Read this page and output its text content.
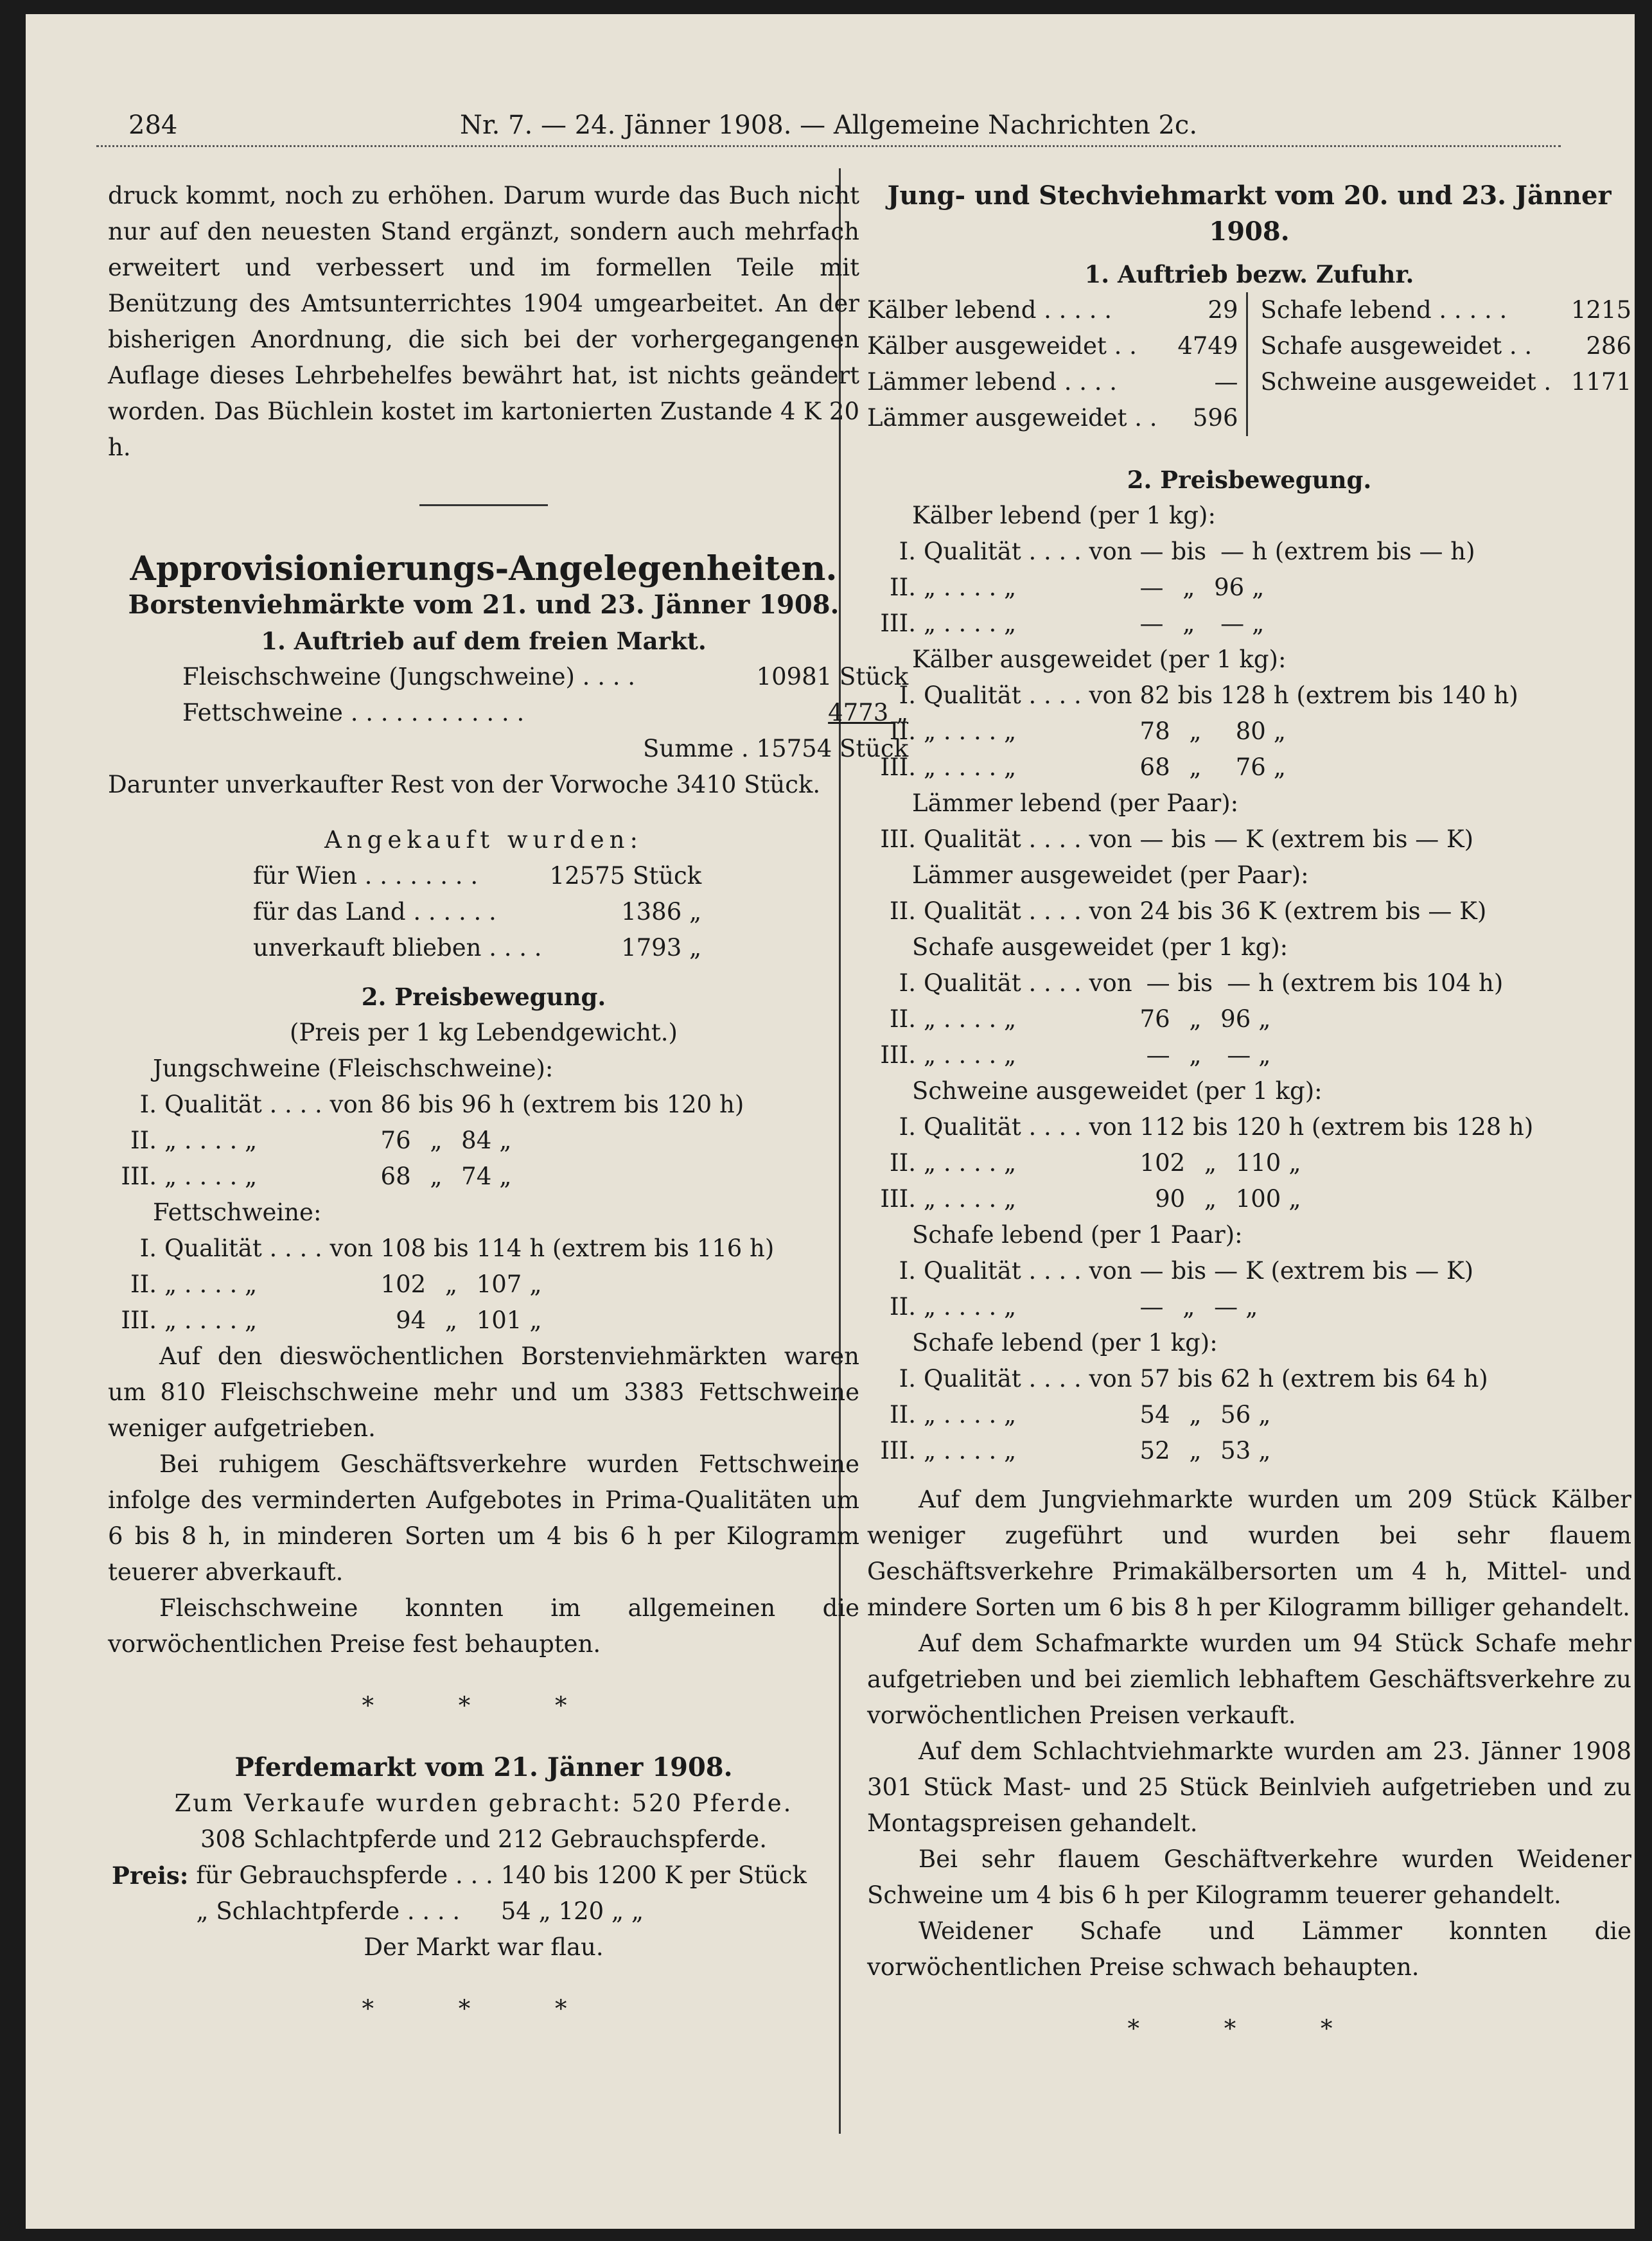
284	Nr. 7. — 24. Jänner 1908. — Allgemeine Nachrichten 2c.

druck kommt, noch zu erhöhen. Darum wurde das Buch nicht nur auf den neuesten Stand ergänzt, sondern auch mehrfach erweitert und verbessert und im formellen Teile mit Benützung des Amtsunterrichtes 1904 umgearbeitet. An der bisherigen Anordnung, die sich bei der vorhergegangenen Auflage dieses Lehrbehelfes bewährt hat, ist nichts geändert worden. Das Büchlein kostet im kartonierten Zustande 4 K 20 h.

Approvisionierungs-Angelegenheiten.
Borstenviehmärkte vom 21. und 23. Jänner 1908.
1. Auftrieb auf dem freien Markt.
Fleischschweine (Jungschweine) . . . .	10981 Stück
Fettschweine . . . . . . . . . . . .	4773 „
	Summe . 15754 Stück

Darunter unverkaufter Rest von der Vorwoche 3410 Stück.

Angekauft wurden:
für Wien . . . . . . . .	12575 Stück
für das Land . . . . . .	1386 „
unverkauft blieben . . . .	1793 „
2. Preisbewegung.
(Preis per 1 kg Lebendgewicht.)
Jungschweine (Fleischschweine):
I.	Qualität . . . . von	86	bis	96	h (extrem bis 120 h)
II.	„ . . . . „	76	„	84	„
III.	„ . . . . „	68	„	74	„
Fettschweine:
I.	Qualität . . . . von	108	bis	114	h (extrem bis 116 h)
II.	„ . . . . „	102	„	107	„
III.	„ . . . . „	94	„	101	„

Auf den dieswöchentlichen Borstenviehmärkten waren um 810 Fleischschweine mehr und um 3383 Fettschweine weniger aufgetrieben.

Bei ruhigem Geschäftsverkehre wurden Fettschweine infolge des verminderten Aufgebotes in Prima-Qualitäten um 6 bis 8 h, in minderen Sorten um 4 bis 6 h per Kilogramm teuerer abverkauft.

Fleischschweine konnten im allgemeinen die vorwöchentlichen Preise fest behaupten.

* * *
Pferdemarkt vom 21. Jänner 1908.
Zum Verkaufe wurden gebracht: 520 Pferde.
308 Schlachtpferde und 212 Gebrauchspferde.
Preis:	für Gebrauchspferde . . .	140 bis 1200 K per Stück
	„ Schlachtpferde . . . .	54 „ 120 „ „
Der Markt war flau.
* * *
Jung- und Stechviehmarkt vom 20. und 23. Jänner 1908.
1. Auftrieb bezw. Zufuhr.
Kälber lebend . . . . .	29
Kälber ausgeweidet . . 4749
Lämmer lebend . . . .	—
Lämmer ausgeweidet . . 596
Schafe lebend . . . . .	1215
Schafe ausgeweidet . . 286
Schweine ausgeweidet . 1171
2. Preisbewegung.
Kälber lebend (per 1 kg):
I.	Qualität . . . . von	—	bis	—	h (extrem bis — h)
II.	„ . . . . „	—	„	96	„
III.	„ . . . . „	—	„	—	„
Kälber ausgeweidet (per 1 kg):
I.	Qualität . . . . von	82	bis	128	h (extrem bis 140 h)
II.	„ . . . . „	78	„	80	„
III.	„ . . . . „	68	„	76	„
Lämmer lebend (per Paar):
III.	Qualität . . . . von	—	bis	—	K (extrem bis — K)
Lämmer ausgeweidet (per Paar):
II.	Qualität . . . . von	24	bis	36	K (extrem bis — K)
Schafe ausgeweidet (per 1 kg):
I.	Qualität . . . . von	—	bis	—	h (extrem bis 104 h)
II.	„ . . . . „	76	„	96	„
III.	„ . . . . „	—	„	—	„
Schweine ausgeweidet (per 1 kg):
I.	Qualität . . . . von	112	bis	120	h (extrem bis 128 h)
II.	„ . . . . „	102	„	110	„
III.	„ . . . . „	90	„	100	„
Schafe lebend (per 1 Paar):
I.	Qualität . . . . von	—	bis	—	K (extrem bis — K)
II.	„ . . . . „	—	„	—	„
Schafe lebend (per 1 kg):
I.	Qualität . . . . von	57	bis	62	h (extrem bis 64 h)
II.	„ . . . . „	54	„	56	„
III.	„ . . . . „	52	„	53	„

Auf dem Jungviehmarkte wurden um 209 Stück Kälber weniger zugeführt und wurden bei sehr flauem Geschäftsverkehre Primakälbersorten um 4 h, Mittel- und mindere Sorten um 6 bis 8 h per Kilogramm billiger gehandelt.

Auf dem Schafmarkte wurden um 94 Stück Schafe mehr aufgetrieben und bei ziemlich lebhaftem Geschäftsverkehre zu vorwöchentlichen Preisen verkauft.

Auf dem Schlachtviehmarkte wurden am 23. Jänner 1908 301 Stück Mast- und 25 Stück Beinlvieh aufgetrieben und zu Montagspreisen gehandelt.

Bei sehr flauem Geschäftverkehre wurden Weidener Schweine um 4 bis 6 h per Kilogramm teuerer gehandelt.

Weidener Schafe und Lämmer konnten die vorwöchentlichen Preise schwach behaupten.

* * *
